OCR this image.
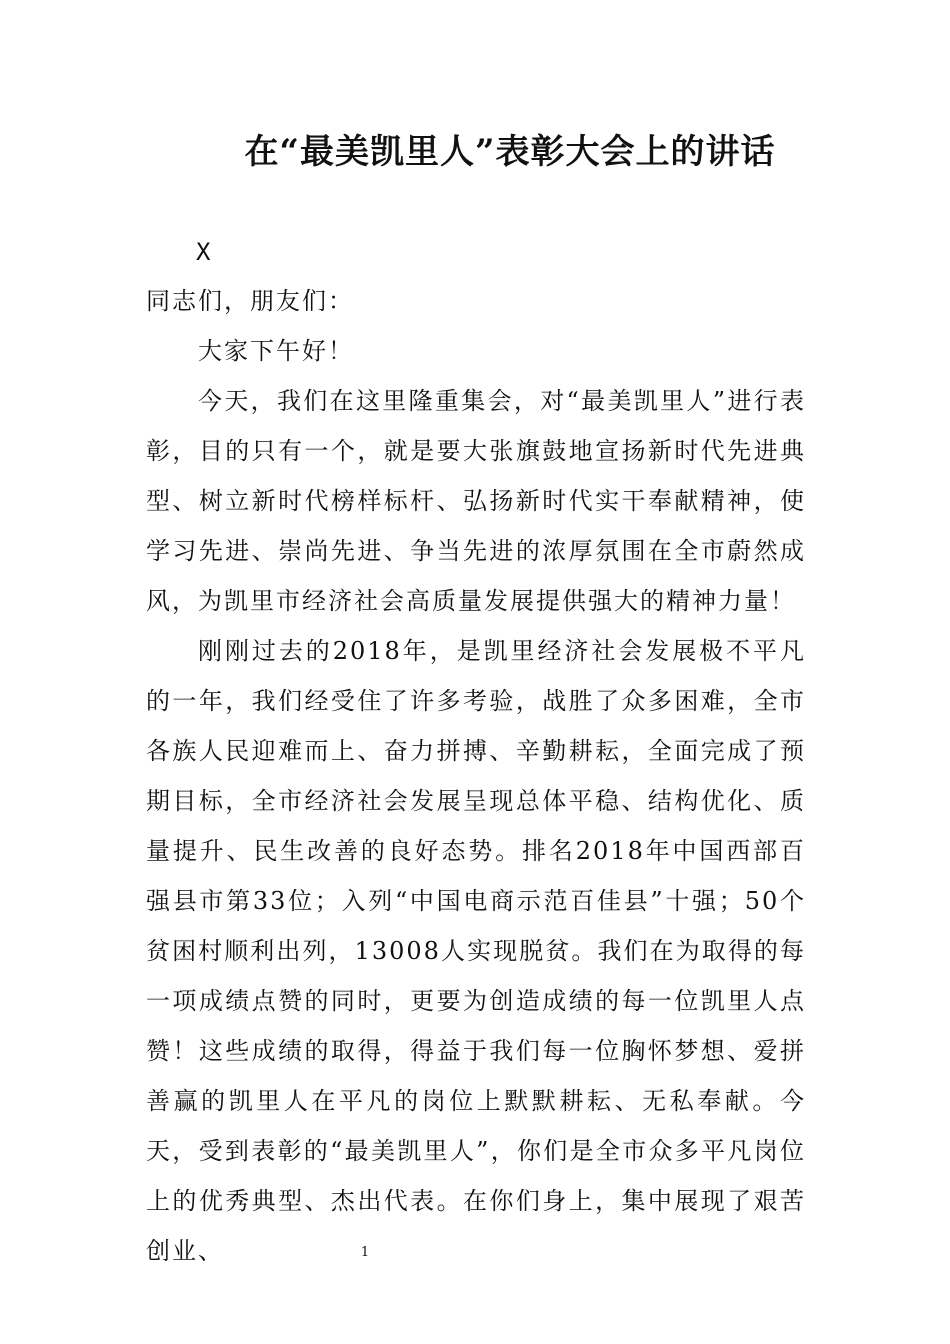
在“最美凯里人”表彰大会上的讲话
X

同志们，朋友们：

大家下午好！

今天，我们在这里隆重集会，对“最美凯里人”进行表彰，目的只有一个，就是要大张旗鼓地宣扬新时代先进典型、树立新时代榜样标杆、弘扬新时代实干奉献精神，使学习先进、崇尚先进、争当先进的浓厚氛围在全市蔚然成风，为凯里市经济社会高质量发展提供强大的精神力量！

刚刚过去的2018年，是凯里经济社会发展极不平凡的一年，我们经受住了许多考验，战胜了众多困难，全市各族人民迎难而上、奋力拼搏、辛勤耕耘，全面完成了预期目标，全市经济社会发展呈现总体平稳、结构优化、质量提升、民生改善的良好态势。排名2018年中国西部百强县市第33位；入列“中国电商示范百佳县”十强；50个贫困村顺利出列，13008人实现脱贫。我们在为取得的每一项成绩点赞的同时，更要为创造成绩的每一位凯里人点赞！这些成绩的取得，得益于我们每一位胸怀梦想、爱拼善赢的凯里人在平凡的岗位上默默耕耘、无私奉献。今天，受到表彰的“最美凯里人”，你们是全市众多平凡岗位上的优秀典型、杰出代表。在你们身上，集中展现了艰苦创业、	1
